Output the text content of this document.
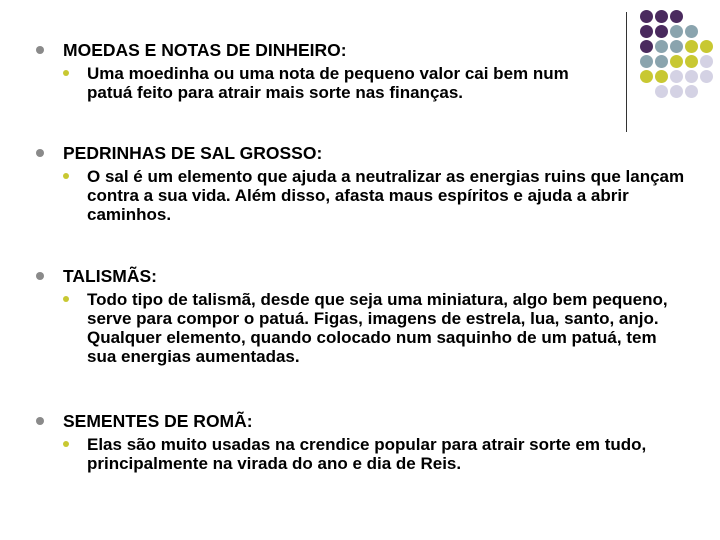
MOEDAS E NOTAS DE DINHEIRO:
Uma moedinha ou uma nota de pequeno valor cai bem num patuá feito para atrair mais sorte nas finanças.
PEDRINHAS DE SAL GROSSO:
O sal é um elemento que ajuda a neutralizar as energias ruins que lançam contra a sua vida. Além disso, afasta maus espíritos e ajuda a abrir caminhos.
TALISMÃS:
Todo tipo de talismã, desde que seja uma miniatura, algo bem pequeno, serve para compor o patuá. Figas, imagens de estrela, lua, santo, anjo. Qualquer elemento, quando colocado num saquinho de um patuá, tem sua energias aumentadas.
SEMENTES DE ROMÃ:
Elas são muito usadas na crendice popular para atrair sorte em tudo, principalmente na virada do ano e dia de Reis.
